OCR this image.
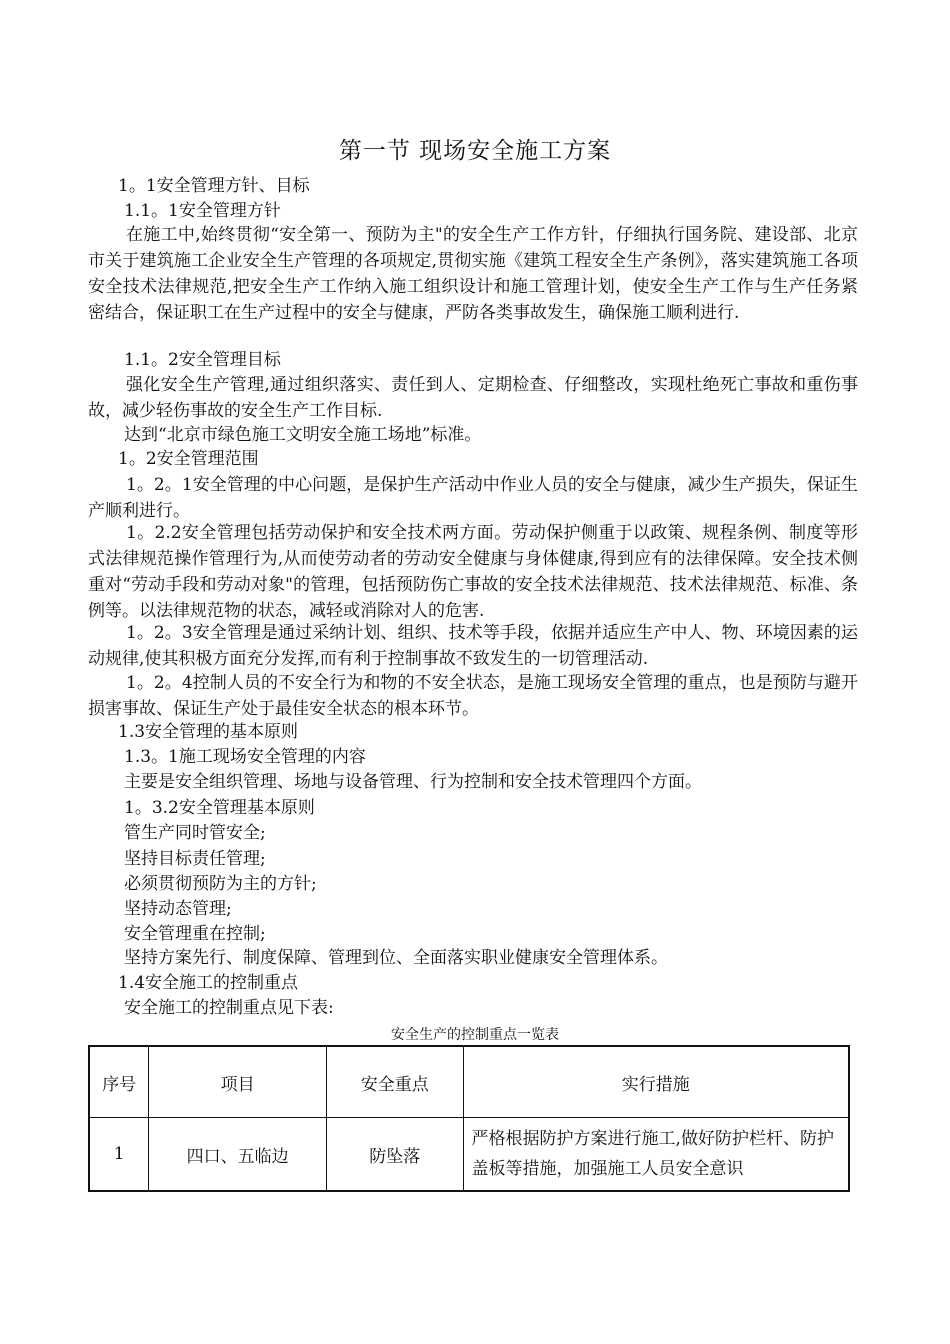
第一节 现场安全施工方案
1。1安全管理方针、目标
1.1。1安全管理方针
在施工中,始终贯彻“安全第一、预防为主"的安全生产工作方针，仔细执行国务院、建设部、北京市关于建筑施工企业安全生产管理的各项规定,贯彻实施《建筑工程安全生产条例》，落实建筑施工各项安全技术法律规范,把安全生产工作纳入施工组织设计和施工管理计划，使安全生产工作与生产任务紧密结合，保证职工在生产过程中的安全与健康，严防各类事故发生，确保施工顺利进行.
1.1。2安全管理目标
强化安全生产管理,通过组织落实、责任到人、定期检查、仔细整改，实现杜绝死亡事故和重伤事故，减少轻伤事故的安全生产工作目标.
达到“北京市绿色施工文明安全施工场地”标准。
1。2安全管理范围
1。2。1安全管理的中心问题，是保护生产活动中作业人员的安全与健康，减少生产损失，保证生产顺利进行。
1。2.2安全管理包括劳动保护和安全技术两方面。劳动保护侧重于以政策、规程条例、制度等形式法律规范操作管理行为,从而使劳动者的劳动安全健康与身体健康,得到应有的法律保障。安全技术侧重对“劳动手段和劳动对象"的管理，包括预防伤亡事故的安全技术法律规范、技术法律规范、标准、条例等。以法律规范物的状态，减轻或消除对人的危害.
1。2。3安全管理是通过采纳计划、组织、技术等手段，依据并适应生产中人、物、环境因素的运动规律,使其积极方面充分发挥,而有利于控制事故不致发生的一切管理活动.
1。2。4控制人员的不安全行为和物的不安全状态，是施工现场安全管理的重点，也是预防与避开损害事故、保证生产处于最佳安全状态的根本环节。
1.3安全管理的基本原则
1.3。1施工现场安全管理的内容
主要是安全组织管理、场地与设备管理、行为控制和安全技术管理四个方面。
1。3.2安全管理基本原则
管生产同时管安全;
坚持目标责任管理;
必须贯彻预防为主的方针;
坚持动态管理;
安全管理重在控制;
坚持方案先行、制度保障、管理到位、全面落实职业健康安全管理体系。
1.4安全施工的控制重点
安全施工的控制重点见下表:
安全生产的控制重点一览表
序号	项目	安全重点	实行措施
1	四口、五临边	防坠落	严格根据防护方案进行施工,做好防护栏杆、防护盖板等措施，加强施工人员安全意识
